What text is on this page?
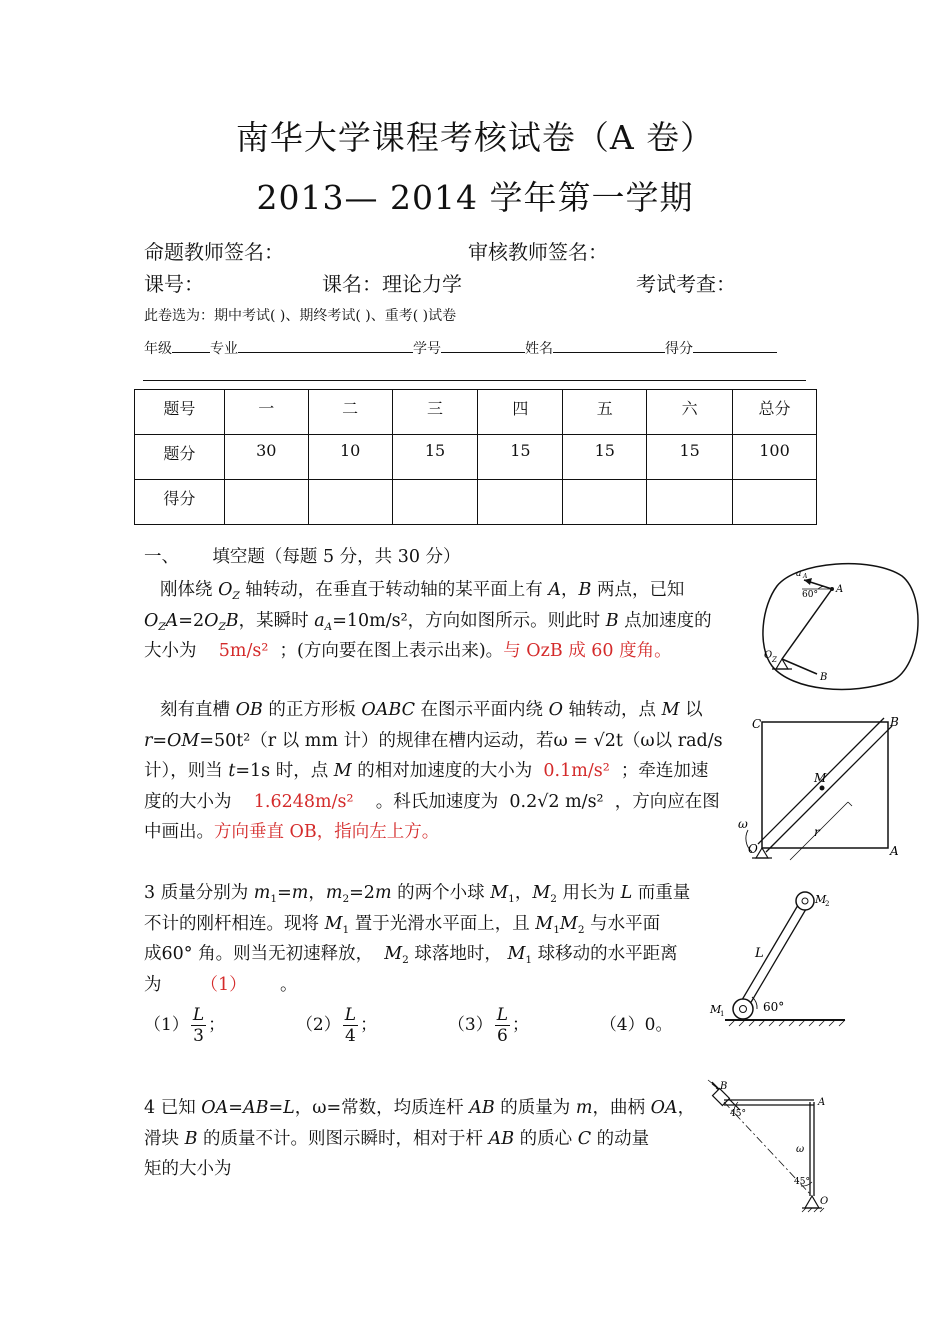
南华大学课程考核试卷（A 卷）
2013— 2014 学年第一学期
命题教师签名：	审核教师签名：
课号：	课名：理论力学	考试考查：
此卷选为：期中考试( )、期终考试( )、重考( )试卷
年级	专业	学号	姓名	得分
题号	一	二	三	四	五	六	总分
题分	30	10	15	15	15	15	100
得分							
一、      填空题（每题 5 分，共 30 分）
刚体绕 $O_Z$ 轴转动，在垂直于转动轴的某平面上有 A，B 两点，已知
$O_ZA=2O_ZB$，某瞬时 $a_A=10m/s^2$，方向如图所示。则此时 B 点加速度的
大小为 5m/s² ；(方向要在图上表示出来)。与 OzB 成 60 度角。
刻有直槽 OB 的正方形板 OABC 在图示平面内绕 O 轴转动，点 M 以
r=OM=50t²（r 以 mm 计）的规律在槽内运动，若ω = √2t（ω以 rad/s
计），则当 t=1s 时，点 M 的相对加速度的大小为 0.1m/s² ；牵连加速
度的大小为 1.6248m/s² 。科氏加速度为 0.2√2 m/s² ，方向应在图
中画出。方向垂直 OB，指向左上方。
3 质量分别为 $m_1=m$，$m_2=2m$ 的两个小球 $M_1$，$M_2$ 用长为 L 而重量
不计的刚杆相连。现将 $M_1$ 置于光滑水平面上，且 $M_1M_2$ 与水平面
成60° 角。则当无初速释放， $M_2$ 球落地时， $M_1$ 球移动的水平距离
为 （1） 。
$(1) \frac{L}{3}$ ；	$(2) \frac{L}{4}$ ；	$(3) \frac{L}{6}$ ；	（4）0。
4 已知 OA=AB=L，ω=常数，均质连杆 AB 的质量为 m，曲柄 OA，
滑块 B 的质量不计。则图示瞬时，相对于杆 AB 的质心 C 的动量
矩的大小为
A
B
O Z
60°
a A
C	B
A
O
M
r
ω
M
2
M
1
L
60°
B
A
O
ω
45°
45°
